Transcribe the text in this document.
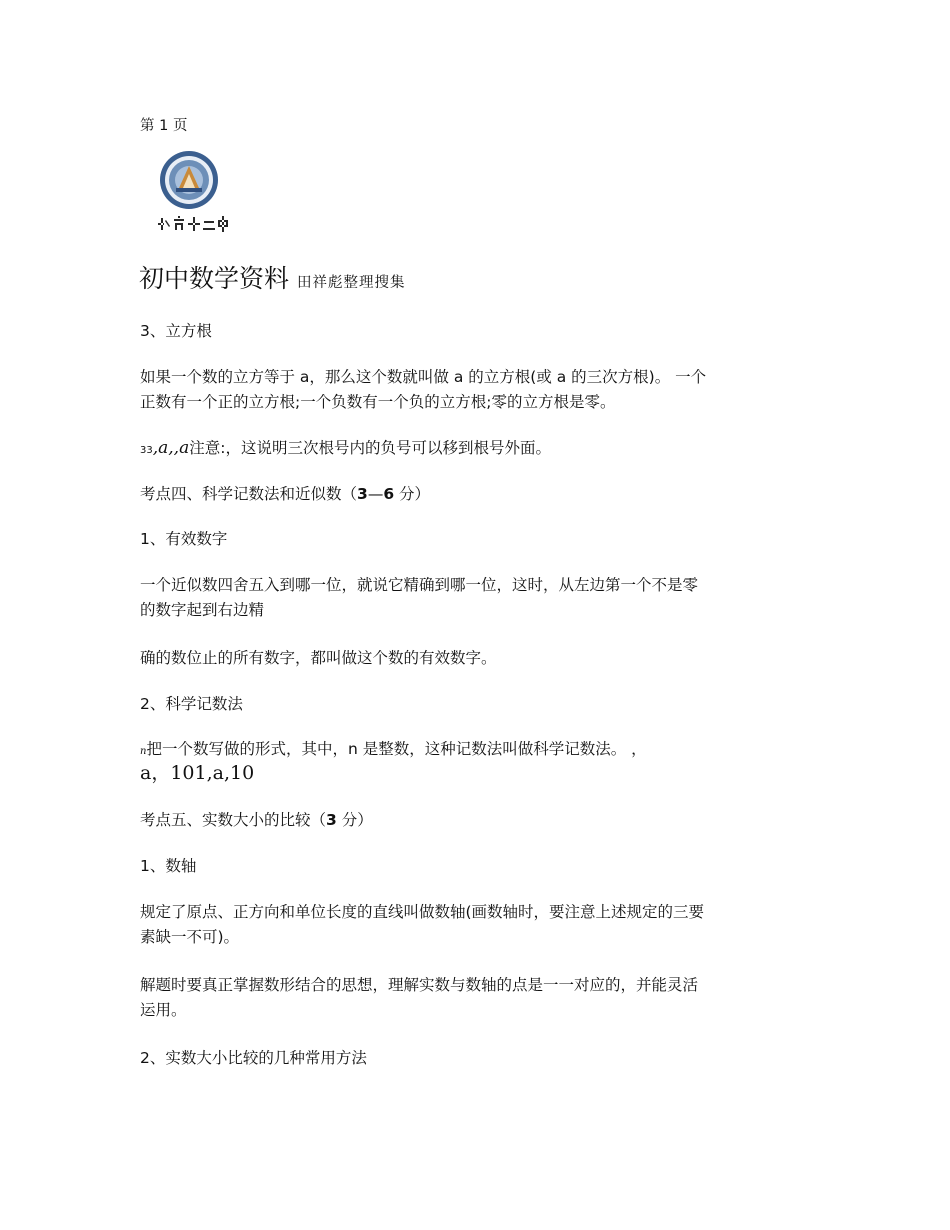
第 1 页
初中数学资料 田祥彪整理搜集
3、立方根
如果一个数的立方等于 a，那么这个数就叫做 a 的立方根(或 a 的三次方根)。 一个
正数有一个正的立方根;一个负数有一个负的立方根;零的立方根是零。
33,a,,a注意:，这说明三次根号内的负号可以移到根号外面。
考点四、科学记数法和近似数（3—6 分）
1、有效数字
一个近似数四舍五入到哪一位，就说它精确到哪一位，这时，从左边第一个不是零
的数字起到右边精
确的数位止的所有数字，都叫做这个数的有效数字。
2、科学记数法
n把一个数写做的形式，其中，n 是整数，这种记数法叫做科学记数法。 ，
a，101,a,10
考点五、实数大小的比较（3 分）
1、数轴
规定了原点、正方向和单位长度的直线叫做数轴(画数轴时，要注意上述规定的三要
素缺一不可)。
解题时要真正掌握数形结合的思想，理解实数与数轴的点是一一对应的，并能灵活
运用。
2、实数大小比较的几种常用方法
